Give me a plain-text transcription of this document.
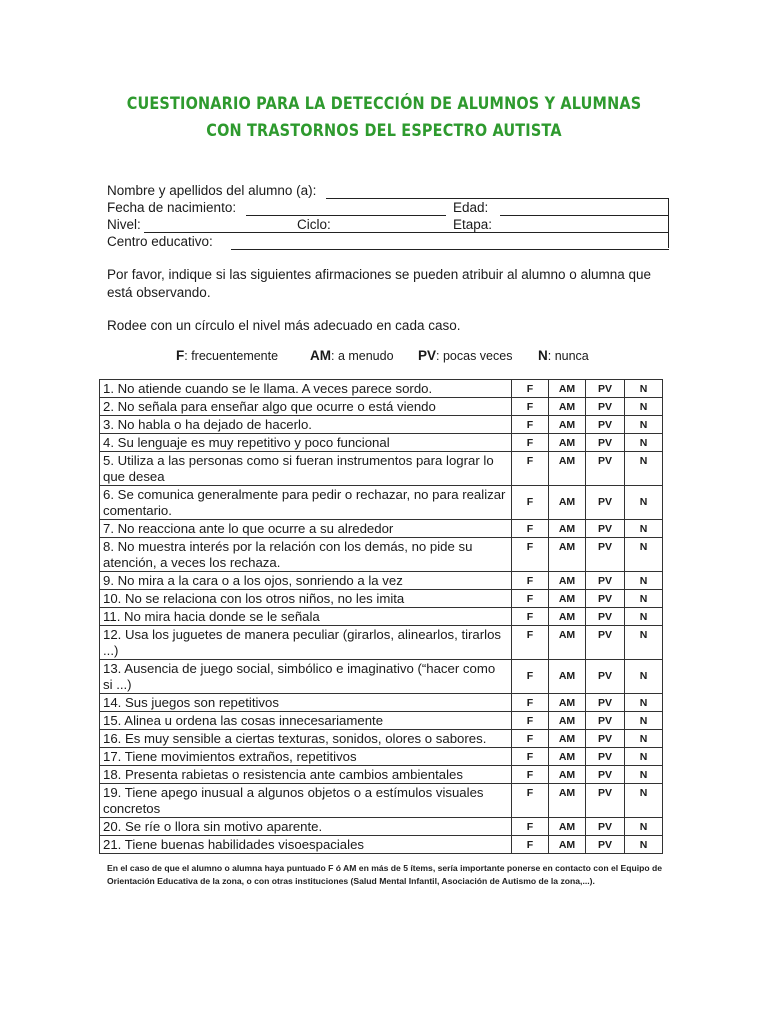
CUESTIONARIO PARA LA DETECCIÓN DE ALUMNOS Y ALUMNAS
CON TRASTORNOS DEL ESPECTRO AUTISTA
Nombre y apellidos del alumno (a):
Fecha de nacimiento:	Edad:
Nivel:	Ciclo:	Etapa:
Centro educativo:
Por favor, indique si las siguientes afirmaciones se pueden atribuir al alumno o alumna que está observando.
Rodee con un círculo el nivel más adecuado en cada caso.
F: frecuentemente AM: a menudo PV: pocas veces N: nunca
1. No atiende cuando se le llama. A veces parece sordo.	F	AM	PV	N
2. No señala para enseñar algo que ocurre o está viendo	F	AM	PV	N
3. No habla o ha dejado de hacerlo.	F	AM	PV	N
4. Su lenguaje es muy repetitivo y poco funcional	F	AM	PV	N
5. Utiliza a las personas como si fueran instrumentos para lograr lo que desea	F	AM	PV	N
6. Se comunica generalmente para pedir o rechazar, no para realizar comentario.	F	AM	PV	N
7. No reacciona ante lo que ocurre a su alrededor	F	AM	PV	N
8. No muestra interés por la relación con los demás, no pide su atención, a veces los rechaza.	F	AM	PV	N
9. No mira a la cara o a los ojos, sonriendo a la vez	F	AM	PV	N
10. No se relaciona con los otros niños, no les imita	F	AM	PV	N
11. No mira hacia donde se le señala	F	AM	PV	N
12. Usa los juguetes de manera peculiar (girarlos, alinearlos, tirarlos ...)	F	AM	PV	N
13. Ausencia de juego social, simbólico e imaginativo (“hacer como si ...)	F	AM	PV	N
14. Sus juegos son repetitivos	F	AM	PV	N
15. Alinea u ordena las cosas innecesariamente	F	AM	PV	N
16. Es muy sensible a ciertas texturas, sonidos, olores o sabores.	F	AM	PV	N
17. Tiene movimientos extraños, repetitivos	F	AM	PV	N
18. Presenta rabietas o resistencia ante cambios ambientales	F	AM	PV	N
19. Tiene apego inusual a algunos objetos o a estímulos visuales concretos	F	AM	PV	N
20. Se ríe o llora sin motivo aparente.	F	AM	PV	N
21. Tiene buenas habilidades visoespaciales	F	AM	PV	N
En el caso de que el alumno o alumna haya puntuado F ó AM en más de 5 ítems, sería importante ponerse en contacto con el Equipo de Orientación Educativa de la zona, o con otras instituciones (Salud Mental Infantil, Asociación de Autismo de la zona,...).
